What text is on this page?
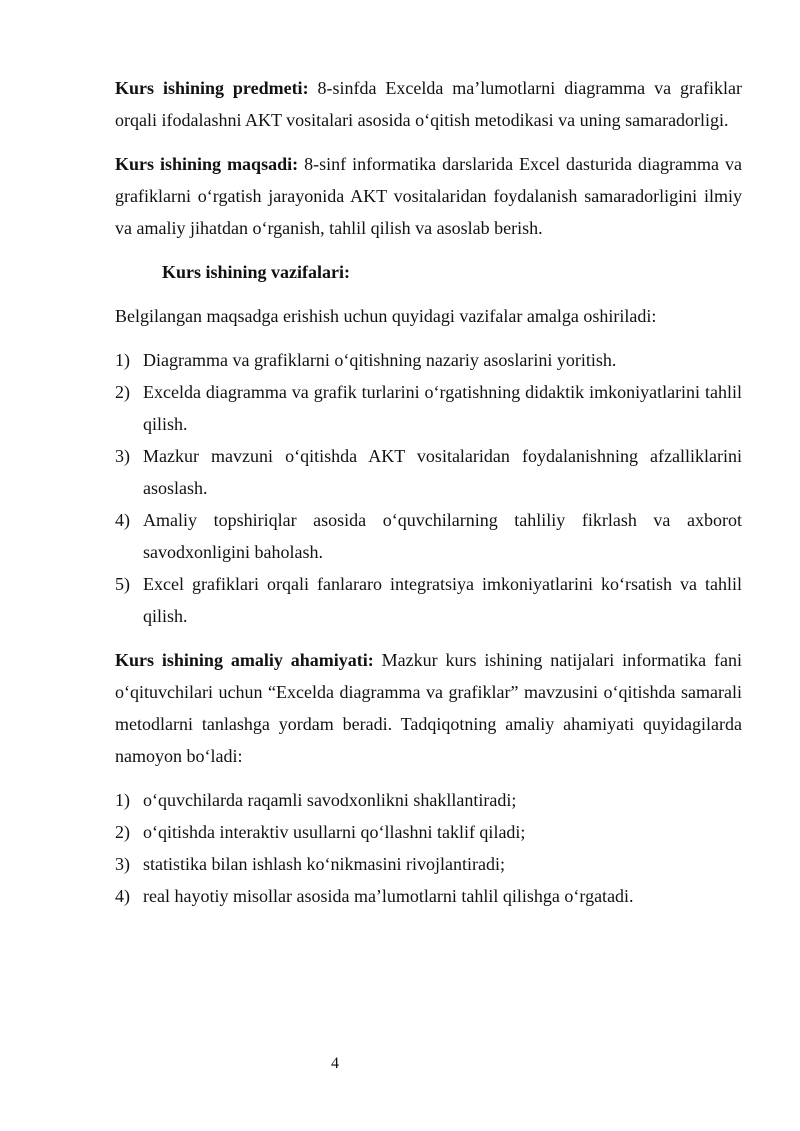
Kurs ishining predmeti: 8-sinfda Excelda ma’lumotlarni diagramma va grafiklar orqali ifodalashni AKT vositalari asosida o‘qitish metodikasi va uning samaradorligi.

Kurs ishining maqsadi: 8-sinf informatika darslarida Excel dasturida diagramma va grafiklarni o‘rgatish jarayonida AKT vositalaridan foydalanish samaradorligini ilmiy va amaliy jihatdan o‘rganish, tahlil qilish va asoslab berish.

Kurs ishining vazifalari:

Belgilangan maqsadga erishish uchun quyidagi vazifalar amalga oshiriladi:

1) Diagramma va grafiklarni o‘qitishning nazariy asoslarini yoritish.
2) Excelda diagramma va grafik turlarini o‘rgatishning didaktik imkoniyatlarini tahlil qilish.
3) Mazkur mavzuni o‘qitishda AKT vositalaridan foydalanishning afzalliklarini asoslash.
4) Amaliy topshiriqlar asosida o‘quvchilarning tahliliy fikrlash va axborot savodxonligini baholash.
5) Excel grafiklari orqali fanlararo integratsiya imkoniyatlarini ko‘rsatish va tahlil qilish.

Kurs ishining amaliy ahamiyati: Mazkur kurs ishining natijalari informatika fani o‘qituvchilari uchun “Excelda diagramma va grafiklar” mavzusini o‘qitishda samarali metodlarni tanlashga yordam beradi. Tadqiqotning amaliy ahamiyati quyidagilarda namoyon bo‘ladi:

1) o‘quvchilarda raqamli savodxonlikni shakllantiradi;
2) o‘qitishda interaktiv usullarni qo‘llashni taklif qiladi;
3) statistika bilan ishlash ko‘nikmasini rivojlantiradi;
4) real hayotiy misollar asosida ma’lumotlarni tahlil qilishga o‘rgatadi.
4
